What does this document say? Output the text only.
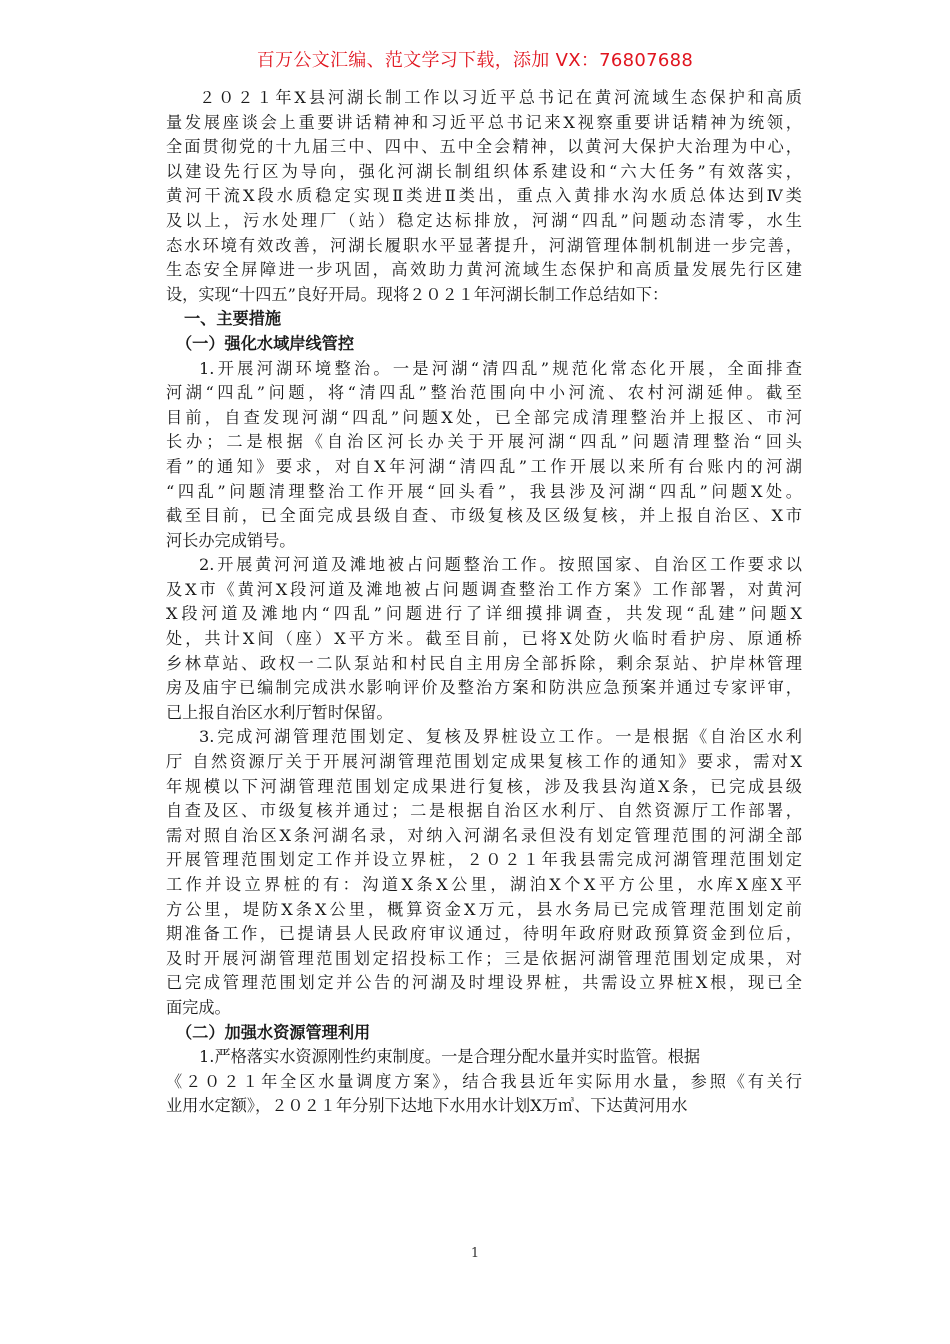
百万公文汇编、范文学习下载，添加 VX：76807688
２０２１年X县河湖长制工作以习近平总书记在黄河流域生态保护和高质
量发展座谈会上重要讲话精神和习近平总书记来X视察重要讲话精神为统领，
全面贯彻党的十九届三中、四中、五中全会精神，以黄河大保护大治理为中心，
以建设先行区为导向，强化河湖长制组织体系建设和“六大任务”有效落实，
黄河干流X段水质稳定实现Ⅱ类进Ⅱ类出，重点入黄排水沟水质总体达到Ⅳ类
及以上，污水处理厂（站）稳定达标排放，河湖“四乱”问题动态清零，水生
态水环境有效改善，河湖长履职水平显著提升，河湖管理体制机制进一步完善，
生态安全屏障进一步巩固，高效助力黄河流域生态保护和高质量发展先行区建
设，实现“十四五”良好开局。现将２０２１年河湖长制工作总结如下：
一、主要措施
（一）强化水域岸线管控
1.开展河湖环境整治。一是河湖“清四乱”规范化常态化开展，全面排查
河湖“四乱”问题，将“清四乱”整治范围向中小河流、农村河湖延伸。截至
目前，自查发现河湖“四乱”问题X处，已全部完成清理整治并上报区、市河
长办；二是根据《自治区河长办关于开展河湖“四乱”问题清理整治“回头
看”的通知》要求，对自X年河湖“清四乱”工作开展以来所有台账内的河湖
“四乱”问题清理整治工作开展“回头看”，我县涉及河湖“四乱”问题X处。
截至目前，已全面完成县级自查、市级复核及区级复核，并上报自治区、X市
河长办完成销号。
2.开展黄河河道及滩地被占问题整治工作。按照国家、自治区工作要求以
及X市《黄河X段河道及滩地被占问题调查整治工作方案》工作部署，对黄河
X段河道及滩地内“四乱”问题进行了详细摸排调查，共发现“乱建”问题X
处，共计X间（座）X平方米。截至目前，已将X处防火临时看护房、原通桥
乡林草站、政权一二队泵站和村民自主用房全部拆除，剩余泵站、护岸林管理
房及庙宇已编制完成洪水影响评价及整治方案和防洪应急预案并通过专家评审，
已上报自治区水利厅暂时保留。
3.完成河湖管理范围划定、复核及界桩设立工作。一是根据《自治区水利
厅 自然资源厅关于开展河湖管理范围划定成果复核工作的通知》要求，需对X
年规模以下河湖管理范围划定成果进行复核，涉及我县沟道X条，已完成县级
自查及区、市级复核并通过；二是根据自治区水利厅、自然资源厅工作部署，
需对照自治区X条河湖名录，对纳入河湖名录但没有划定管理范围的河湖全部
开展管理范围划定工作并设立界桩，２０２１年我县需完成河湖管理范围划定
工作并设立界桩的有：沟道X条X公里，湖泊X个X平方公里，水库X座X平
方公里，堤防X条X公里，概算资金X万元，县水务局已完成管理范围划定前
期准备工作，已提请县人民政府审议通过，待明年政府财政预算资金到位后，
及时开展河湖管理范围划定招投标工作；三是依据河湖管理范围划定成果，对
已完成管理范围划定并公告的河湖及时埋设界桩，共需设立界桩X根，现已全
面完成。
（二）加强水资源管理利用
1.严格落实水资源刚性约束制度。一是合理分配水量并实时监管。根据
《２０２１年全区水量调度方案》，结合我县近年实际用水量，参照《有关行
业用水定额》，２０２１年分别下达地下水用水计划X万㎥、下达黄河用水
1
